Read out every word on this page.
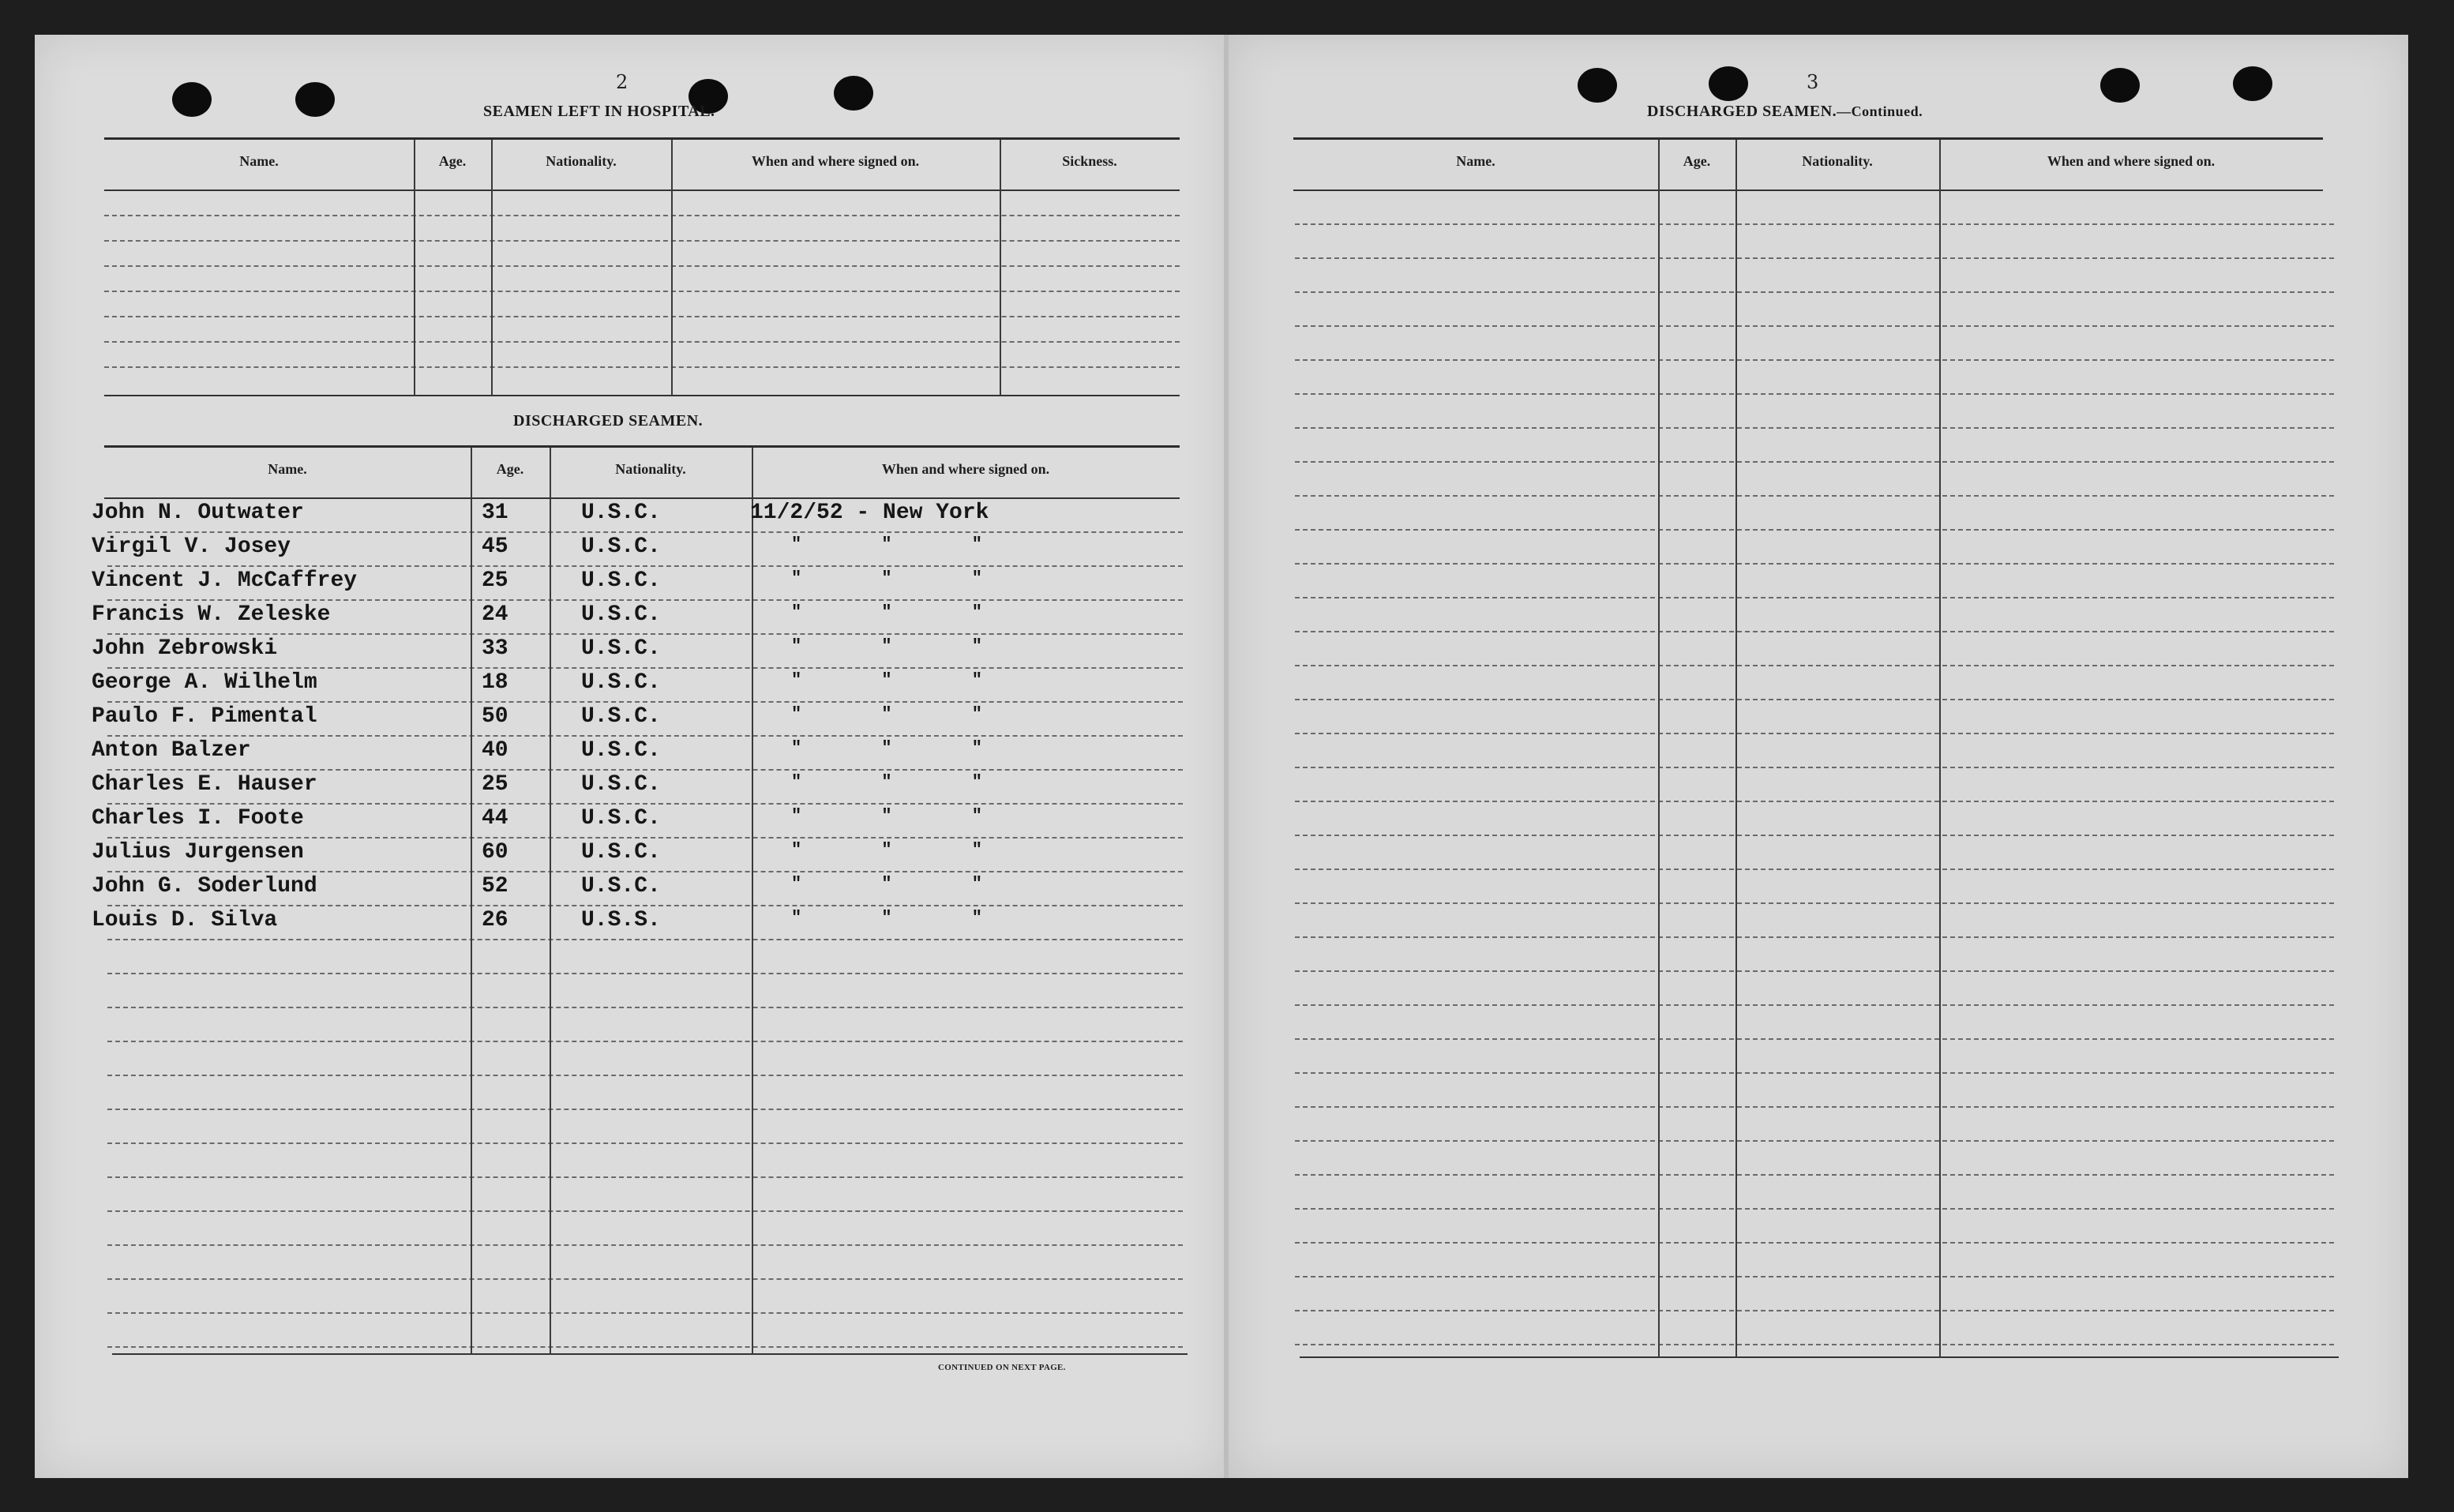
2
SEAMEN LEFT IN HOSPITAL.
Name.	Age.	Nationality.	When and where signed on.	Sickness.
DISCHARGED SEAMEN.
Name.	Age.	Nationality.	When and where signed on.
John N. Outwater	31	U.S.C.	11/2/52 - New York
Virgil V. Josey	45	U.S.C.	" " "
Vincent J. McCaffrey	25	U.S.C.	" " "
Francis W. Zeleske	24	U.S.C.	" " "
John Zebrowski	33	U.S.C.	" " "
George A. Wilhelm	18	U.S.C.	" " "
Paulo F. Pimental	50	U.S.C.	" " "
Anton Balzer	40	U.S.C.	" " "
Charles E. Hauser	25	U.S.C.	" " "
Charles I. Foote	44	U.S.C.	" " "
Julius Jurgensen	60	U.S.C.	" " "
John G. Soderlund	52	U.S.C.	" " "
Louis D. Silva	26	U.S.S.	" " "
CONTINUED ON NEXT PAGE.
3
DISCHARGED SEAMEN.—Continued.
Name.	Age.	Nationality.	When and where signed on.
